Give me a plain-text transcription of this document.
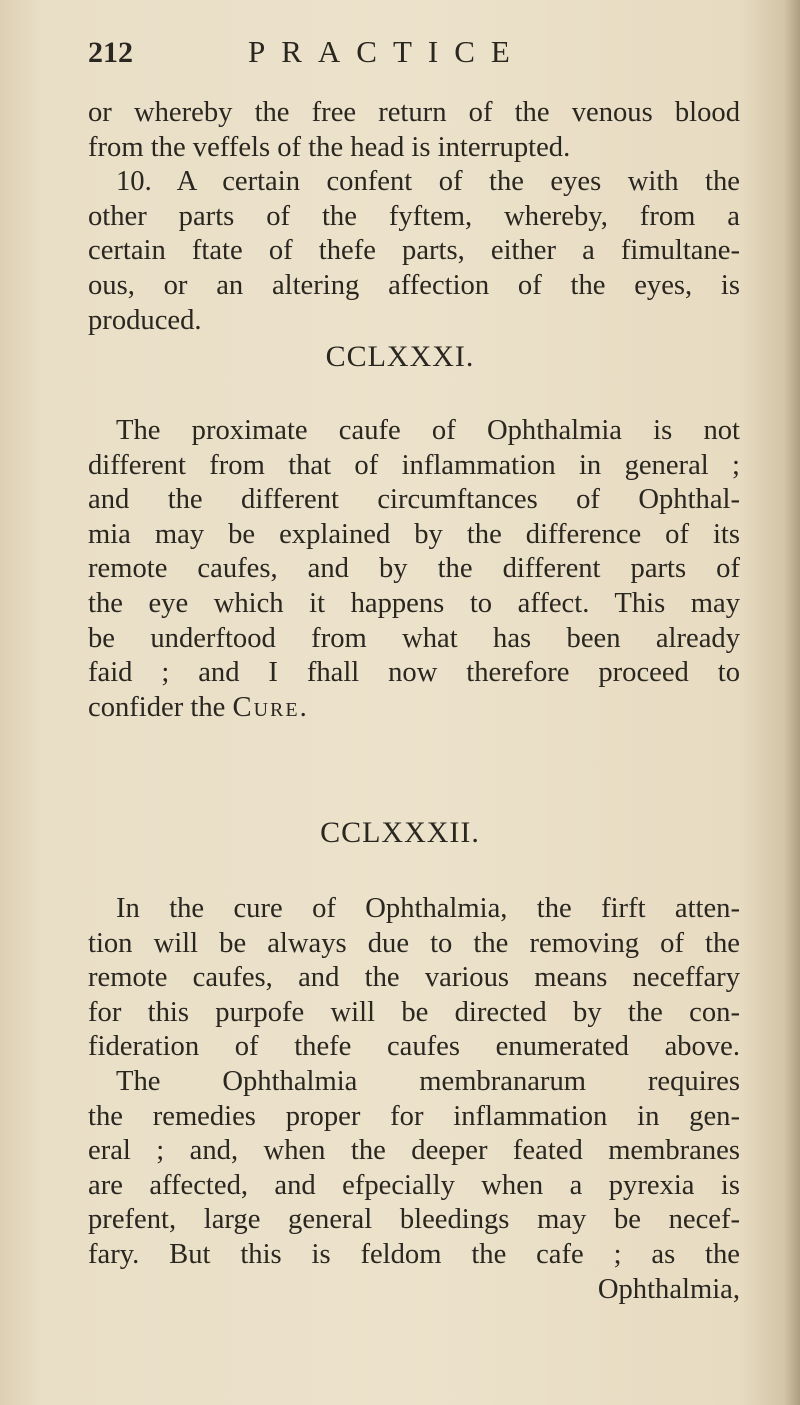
212	PRACTICE

or whereby the free return of the venous blood
from the veffels of the head is interrupted.
10. A certain confent of the eyes with the
other parts of the fyftem, whereby, from a
certain ftate of thefe parts, either a fimultane-
ous, or an altering affection of the eyes, is
produced.

CCLXXXI.

The proximate caufe of Ophthalmia is not
different from that of inflammation in general ;
and the different circumftances of Ophthal-
mia may be explained by the difference of its
remote caufes, and by the different parts of
the eye which it happens to affect. This may
be underftood from what has been already
faid ; and I fhall now therefore proceed to
confider the Cure.

CCLXXXII.

In the cure of Ophthalmia, the firft atten-
tion will be always due to the removing of the
remote caufes, and the various means neceffary
for this purpofe will be directed by the con-
fideration of thefe caufes enumerated above.
The Ophthalmia membranarum requires
the remedies proper for inflammation in gen-
eral ; and, when the deeper feated membranes
are affected, and efpecially when a pyrexia is
prefent, large general bleedings may be necef-
fary. But this is feldom the cafe ; as the
Ophthalmia,
